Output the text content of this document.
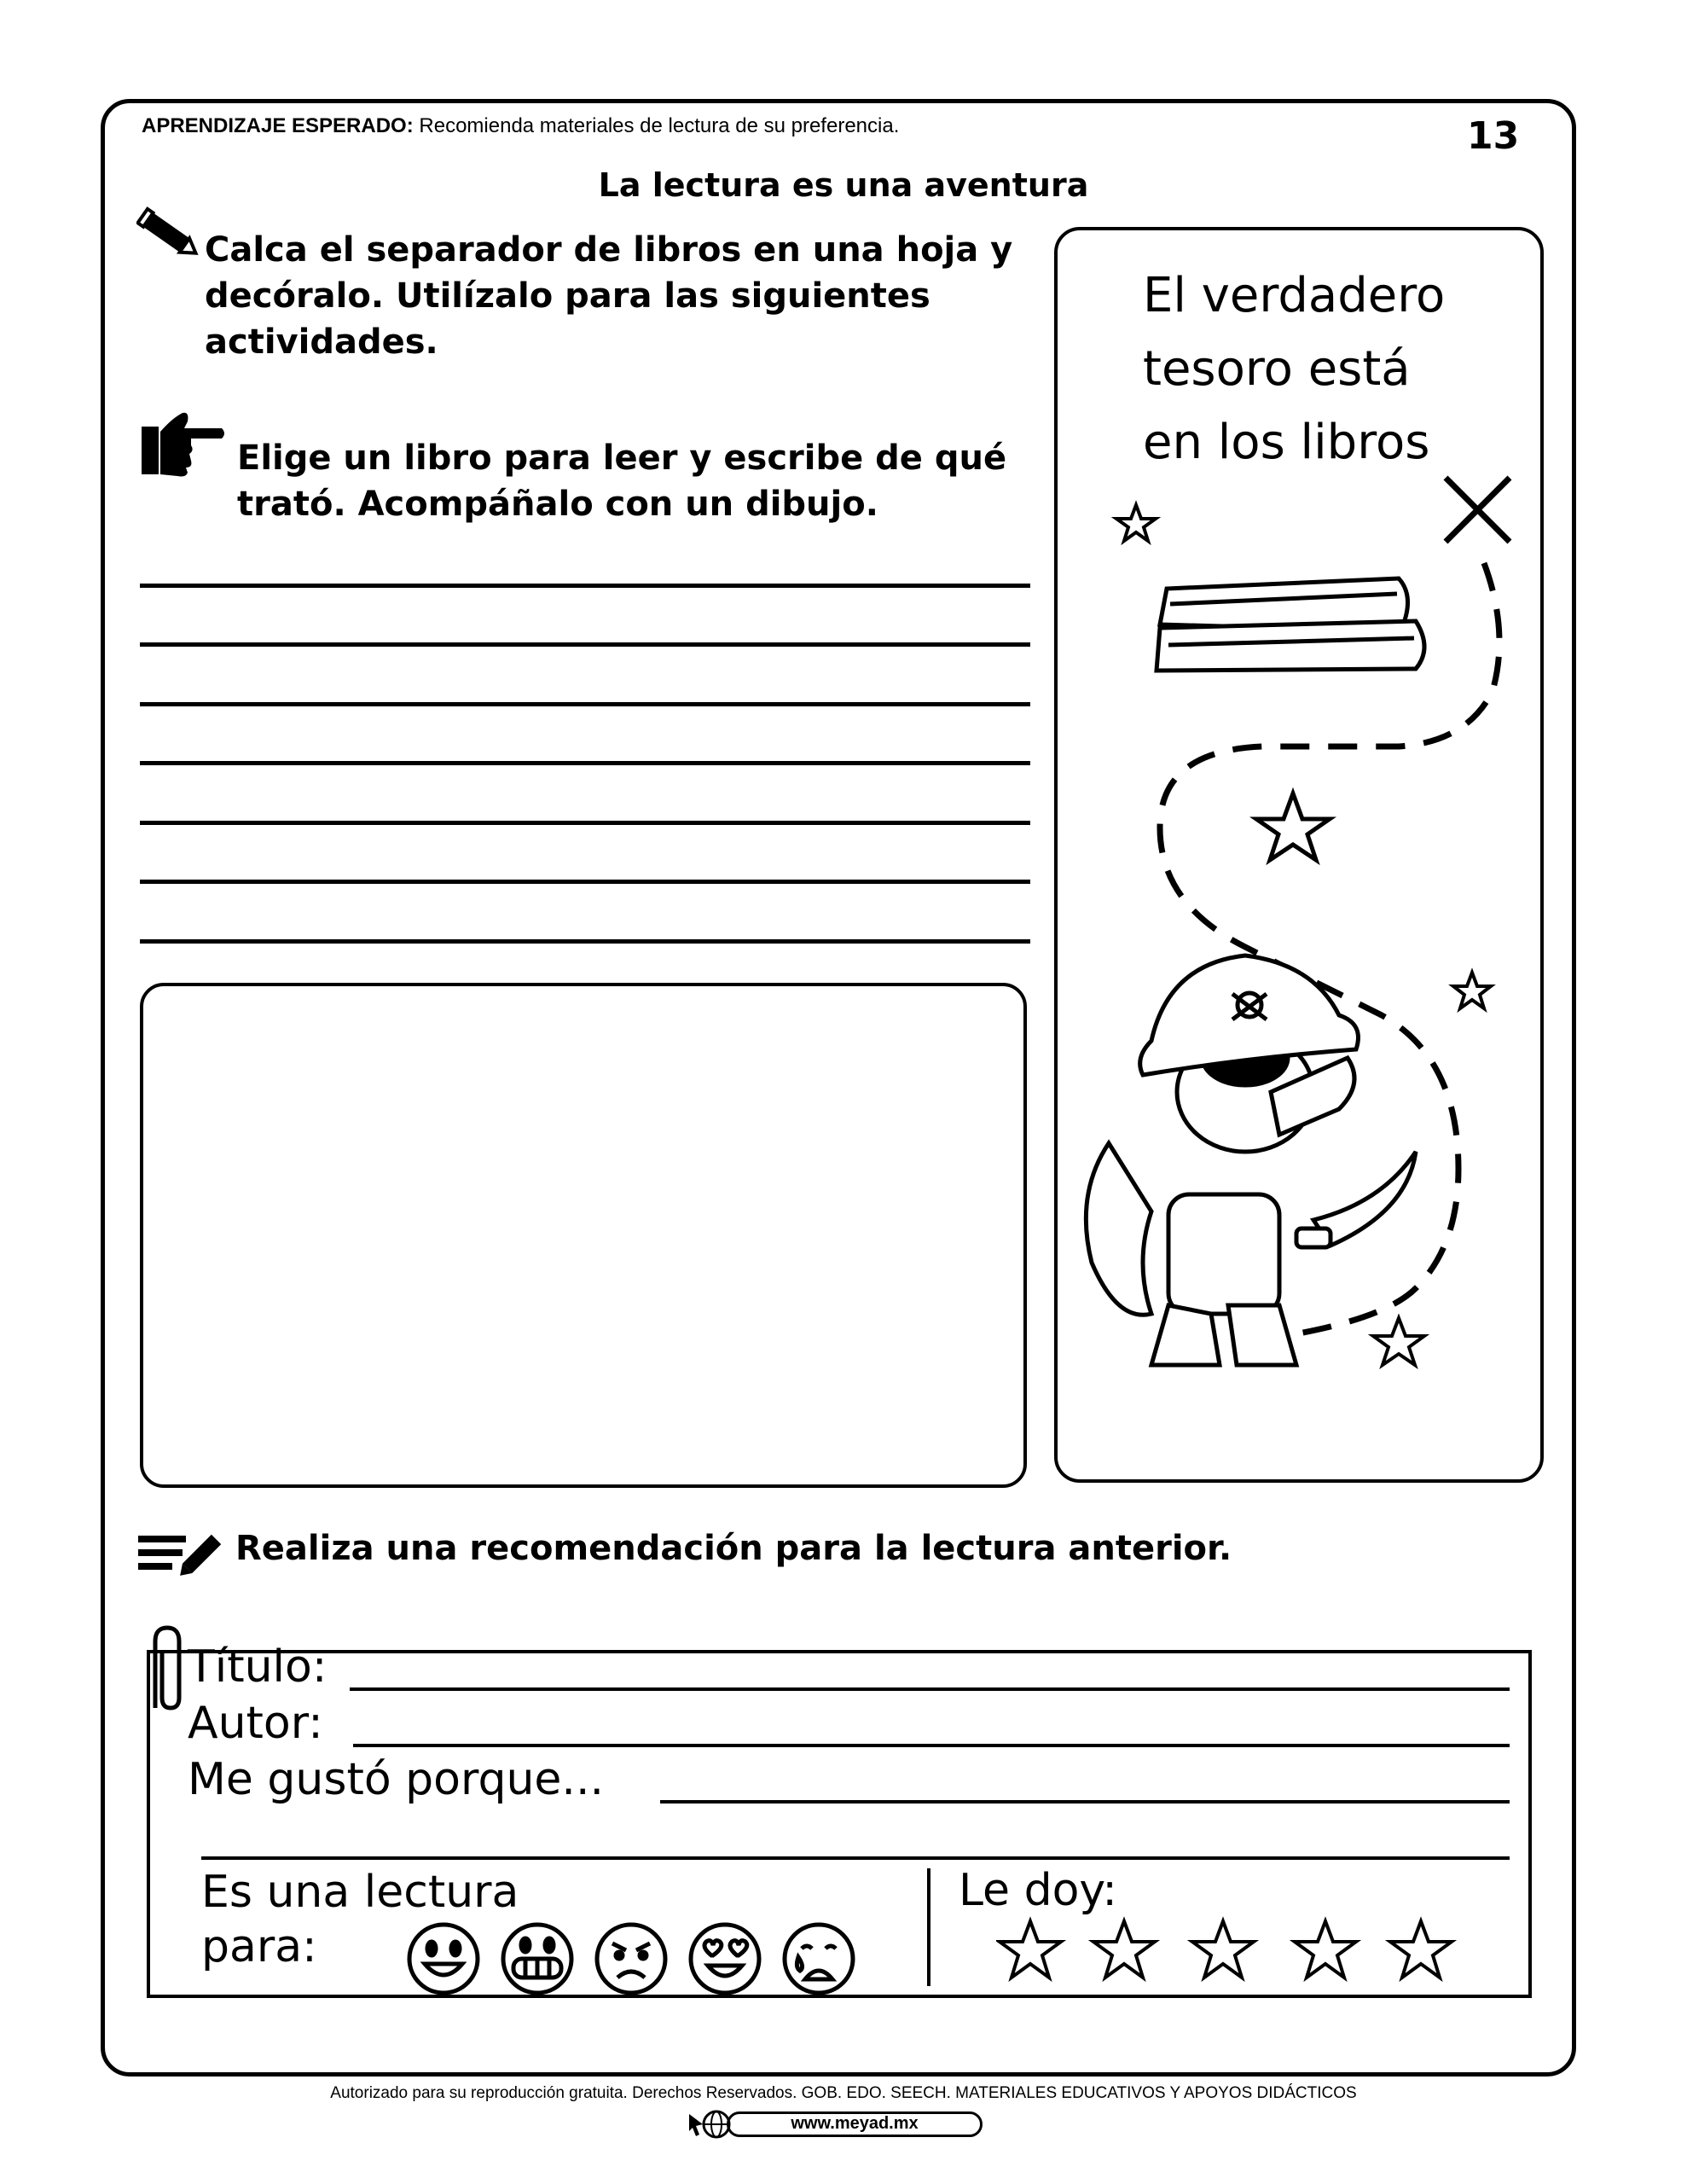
APRENDIZAJE ESPERADO: Recomienda materiales de lectura de su preferencia.	13
La lectura es una aventura
Calca el separador de libros en una hoja y decóralo. Utilízalo para las siguientes actividades.
Elige un libro para leer y escribe de qué trató. Acompáñalo con un dibujo.
El verdadero
tesoro está
en los libros
Realiza una recomendación para la lectura anterior.
Título:
Autor:
Me gustó porque...
Es una lectura
para:
Le doy:
Autorizado para su reproducción gratuita. Derechos Reservados. GOB. EDO. SEECH. MATERIALES EDUCATIVOS Y APOYOS DIDÁCTICOS
www.meyad.mx
